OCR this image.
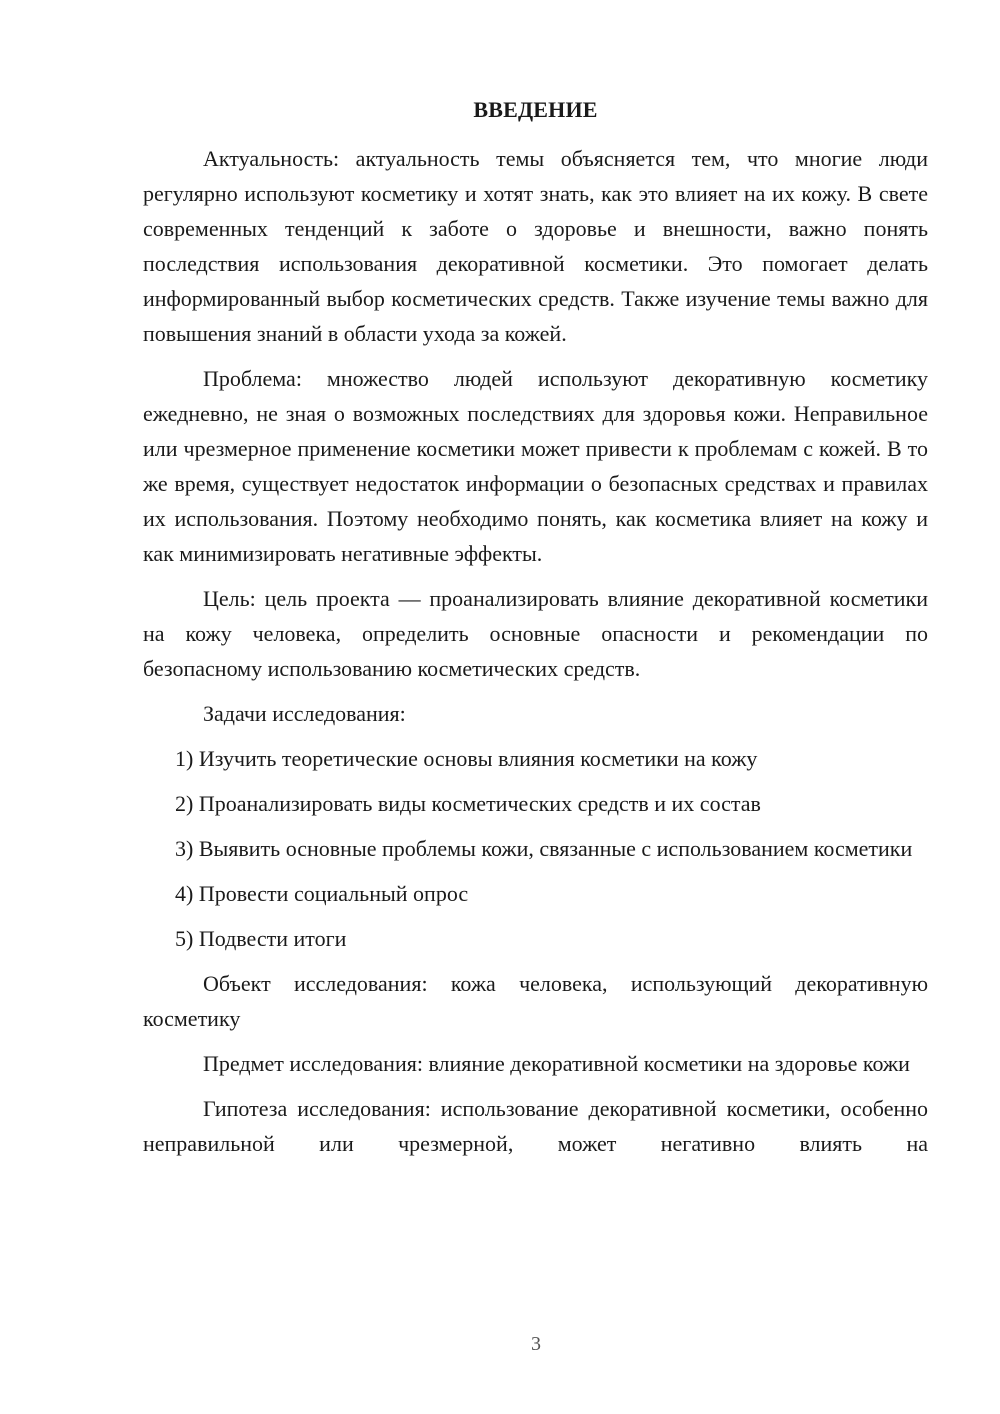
ВВЕДЕНИЕ

Актуальность: актуальность темы объясняется тем, что многие люди регулярно используют косметику и хотят знать, как это влияет на их кожу. В свете современных тенденций к заботе о здоровье и внешности, важно понять последствия использования декоративной косметики. Это помогает делать информированный выбор косметических средств. Также изучение темы важно для повышения знаний в области ухода за кожей.

Проблема: множество людей используют декоративную косметику ежедневно, не зная о возможных последствиях для здоровья кожи. Неправильное или чрезмерное применение косметики может привести к проблемам с кожей. В то же время, существует недостаток информации о безопасных средствах и правилах их использования. Поэтому необходимо понять, как косметика влияет на кожу и как минимизировать негативные эффекты.

Цель: цель проекта — проанализировать влияние декоративной косметики на кожу человека, определить основные опасности и рекомендации по безопасному использованию косметических средств.

Задачи исследования:

1) Изучить теоретические основы влияния косметики на кожу

2) Проанализировать виды косметических средств и их состав

3) Выявить основные проблемы кожи, связанные с использованием косметики

4) Провести социальный опрос

5) Подвести итоги

Объект исследования: кожа человека, использующий декоративную косметику

Предмет исследования: влияние декоративной косметики на здоровье кожи

Гипотеза исследования: использование декоративной косметики, особенно неправильной или чрезмерной, может негативно влиять на

3
